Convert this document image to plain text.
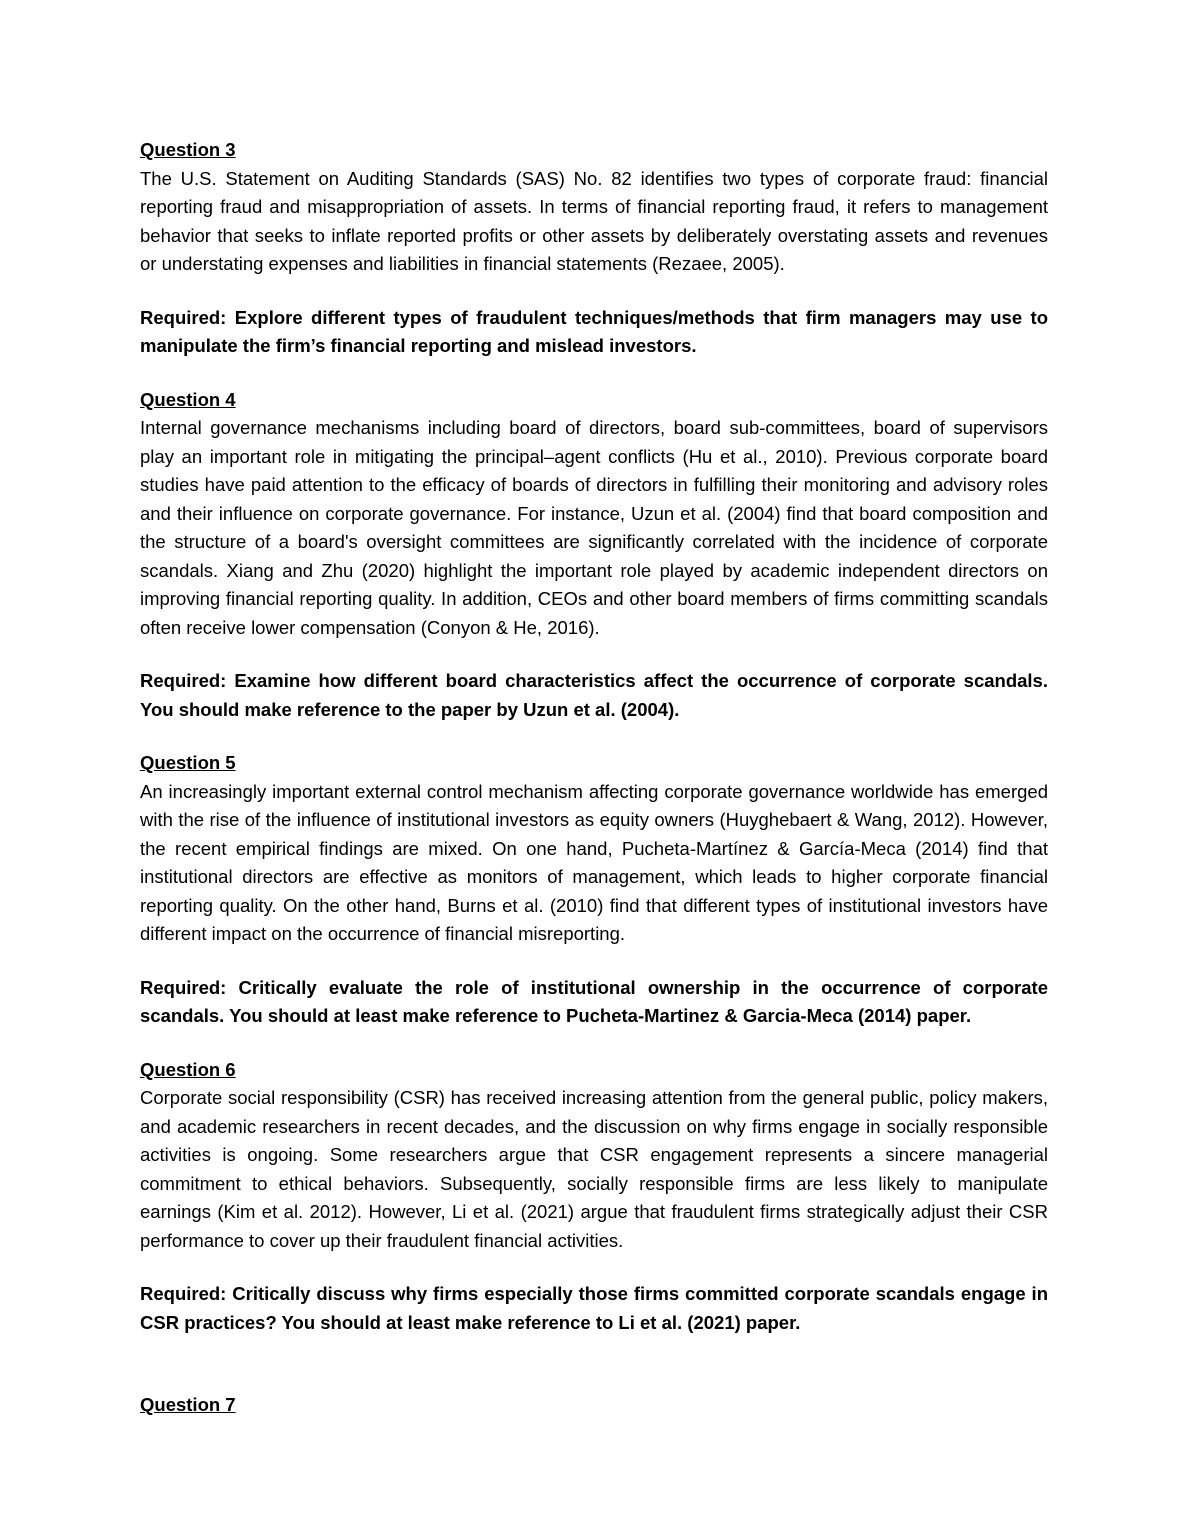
Question 3

The U.S. Statement on Auditing Standards (SAS) No. 82 identifies two types of corporate fraud: financial reporting fraud and misappropriation of assets. In terms of financial reporting fraud, it refers to management behavior that seeks to inflate reported profits or other assets by deliberately overstating assets and revenues or understating expenses and liabilities in financial statements (Rezaee, 2005).

Required: Explore different types of fraudulent techniques/methods that firm managers may use to manipulate the firm’s financial reporting and mislead investors.

Question 4

Internal governance mechanisms including board of directors, board sub-committees, board of supervisors play an important role in mitigating the principal–agent conflicts (Hu et al., 2010). Previous corporate board studies have paid attention to the efficacy of boards of directors in fulfilling their monitoring and advisory roles and their influence on corporate governance. For instance, Uzun et al. (2004) find that board composition and the structure of a board's oversight committees are significantly correlated with the incidence of corporate scandals. Xiang and Zhu (2020) highlight the important role played by academic independent directors on improving financial reporting quality. In addition, CEOs and other board members of firms committing scandals often receive lower compensation (Conyon & He, 2016).

Required: Examine how different board characteristics affect the occurrence of corporate scandals. You should make reference to the paper by Uzun et al. (2004).

Question 5

An increasingly important external control mechanism affecting corporate governance worldwide has emerged with the rise of the influence of institutional investors as equity owners (Huyghebaert & Wang, 2012). However, the recent empirical findings are mixed. On one hand, Pucheta-Martínez & García-Meca (2014) find that institutional directors are effective as monitors of management, which leads to higher corporate financial reporting quality. On the other hand, Burns et al. (2010) find that different types of institutional investors have different impact on the occurrence of financial misreporting.

Required: Critically evaluate the role of institutional ownership in the occurrence of corporate scandals. You should at least make reference to Pucheta-Martinez & Garcia-Meca (2014) paper.

Question 6

Corporate social responsibility (CSR) has received increasing attention from the general public, policy makers, and academic researchers in recent decades, and the discussion on why firms engage in socially responsible activities is ongoing. Some researchers argue that CSR engagement represents a sincere managerial commitment to ethical behaviors. Subsequently, socially responsible firms are less likely to manipulate earnings (Kim et al. 2012). However, Li et al. (2021) argue that fraudulent firms strategically adjust their CSR performance to cover up their fraudulent financial activities.

Required: Critically discuss why firms especially those firms committed corporate scandals engage in CSR practices? You should at least make reference to Li et al. (2021) paper.

Question 7
